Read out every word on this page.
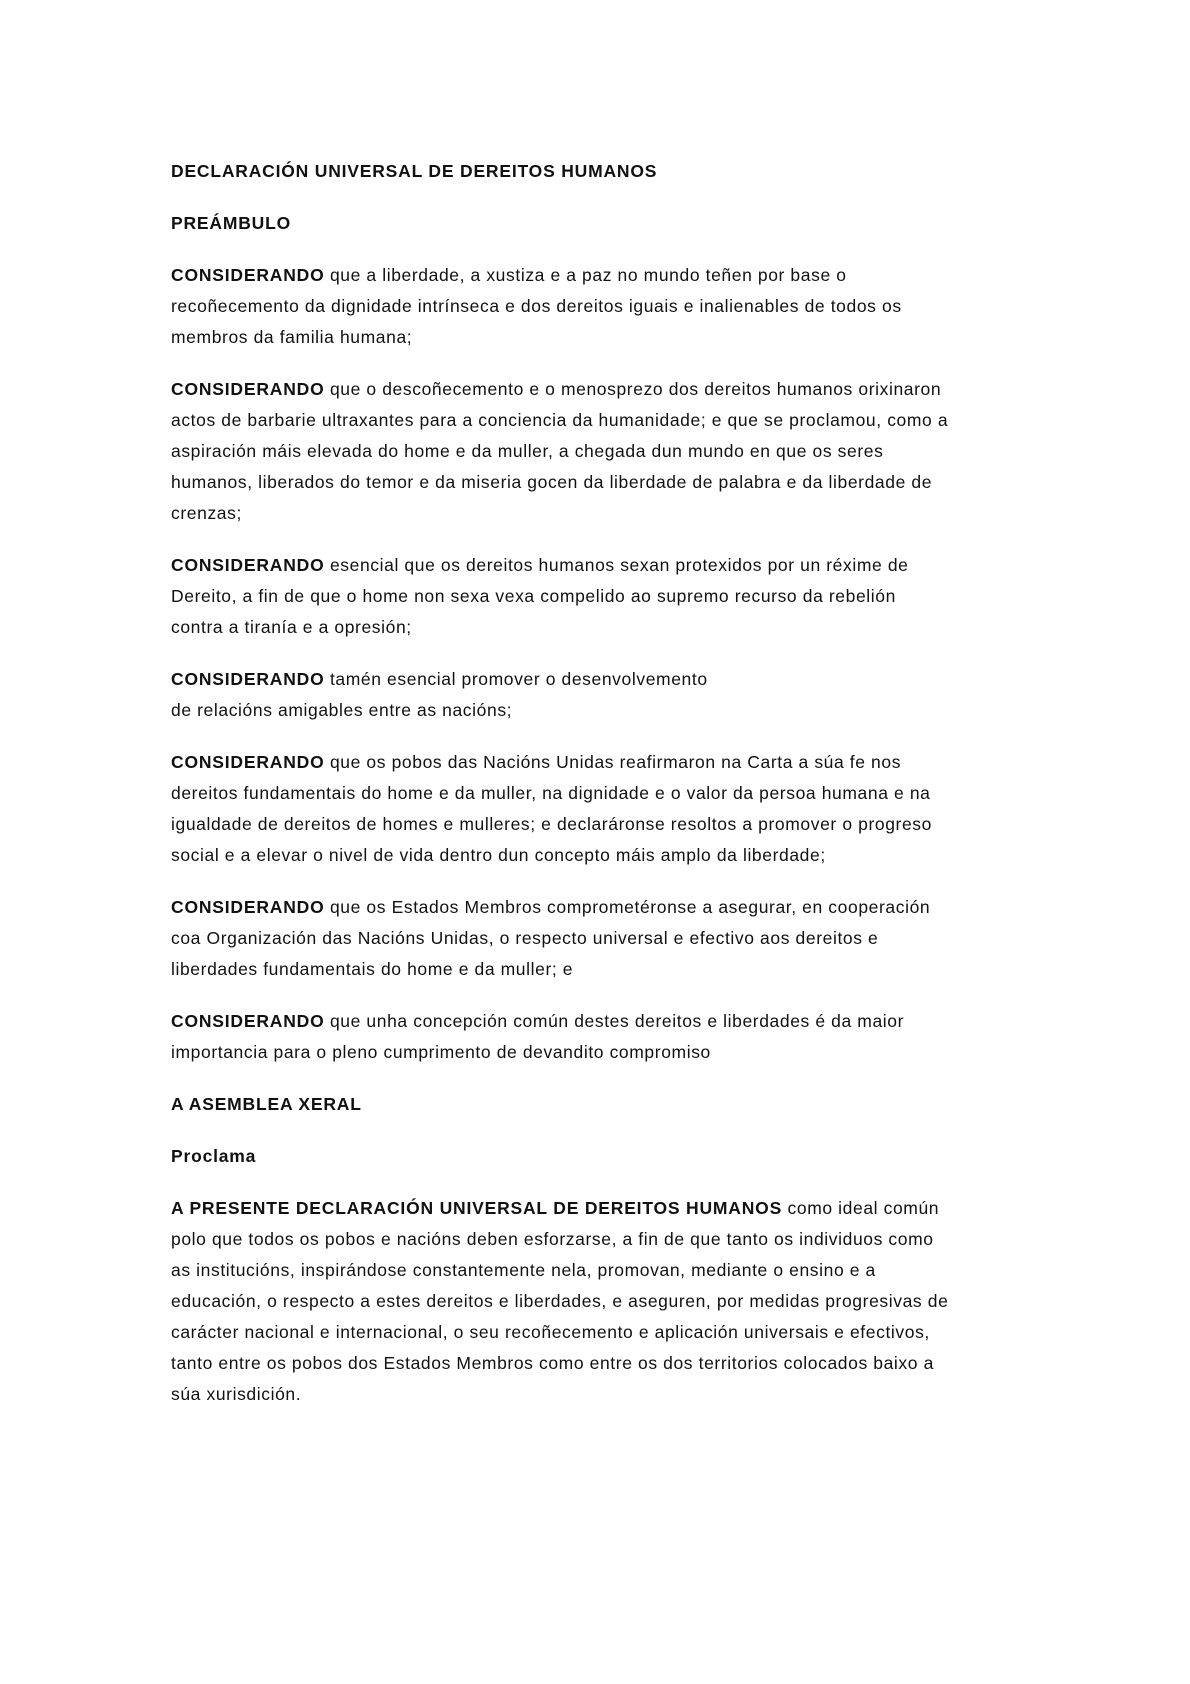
DECLARACIÓN UNIVERSAL DE DEREITOS HUMANOS
PREÁMBULO
CONSIDERANDO que a liberdade, a xustiza e a paz no mundo teñen por base o
recoñecemento da dignidade intrínseca e dos dereitos iguais e inalienables de todos os
membros da familia humana;
CONSIDERANDO que o descoñecemento e o menosprezo dos dereitos humanos orixinaron
actos de barbarie ultraxantes para a conciencia da humanidade; e que se proclamou, como a
aspiración máis elevada do home e da muller, a chegada dun mundo en que os seres
humanos, liberados do temor e da miseria gocen da liberdade de palabra e da liberdade de
crenzas;
CONSIDERANDO esencial que os dereitos humanos sexan protexidos por un réxime de
Dereito, a fin de que o home non sexa vexa compelido ao supremo recurso da rebelión
contra a tiranía e a opresión;
CONSIDERANDO tamén esencial promover o desenvolvemento
de relacións amigables entre as nacións;
CONSIDERANDO que os pobos das Nacións Unidas reafirmaron na Carta a súa fe nos
dereitos fundamentais do home e da muller, na dignidade e o valor da persoa humana e na
igualdade de dereitos de homes e mulleres; e declaráronse resoltos a promover o progreso
social e a elevar o nivel de vida dentro dun concepto máis amplo da liberdade;
CONSIDERANDO que os Estados Membros comprometéronse a asegurar, en cooperación
coa Organización das Nacións Unidas, o respecto universal e efectivo aos dereitos e
liberdades fundamentais do home e da muller; e
CONSIDERANDO que unha concepción común destes dereitos e liberdades é da maior
importancia para o pleno cumprimento de devandito compromiso
A ASEMBLEA XERAL
Proclama
A PRESENTE DECLARACIÓN UNIVERSAL DE DEREITOS HUMANOS como ideal común
polo que todos os pobos e nacións deben esforzarse, a fin de que tanto os individuos como
as institucións, inspirándose constantemente nela, promovan, mediante o ensino e a
educación, o respecto a estes dereitos e liberdades, e aseguren, por medidas progresivas de
carácter nacional e internacional, o seu recoñecemento e aplicación universais e efectivos,
tanto entre os pobos dos Estados Membros como entre os dos territorios colocados baixo a
súa xurisdición.
